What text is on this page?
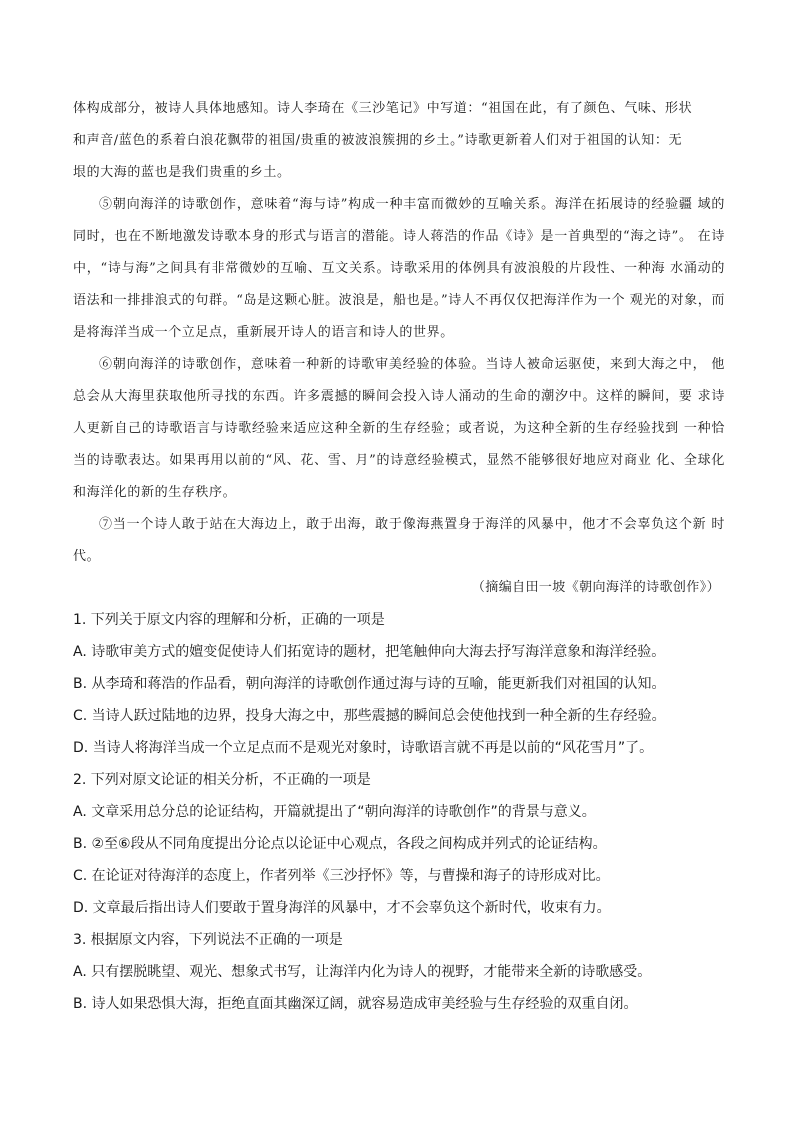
体构成部分，被诗人具体地感知。诗人李琦在《三沙笔记》中写道：“祖国在此，有了颜色、气味、形状
和声音/蓝色的系着白浪花飘带的祖国/贵重的被波浪簇拥的乡土。”诗歌更新着人们对于祖国的认知：无
垠的大海的蓝也是我们贵重的乡土。

⑤朝向海洋的诗歌创作，意味着“海与诗”构成一种丰富而微妙的互喻关系。海洋在拓展诗的经验疆 域的同时，也在不断地激发诗歌本身的形式与语言的潜能。诗人蒋浩的作品《诗》是一首典型的“海之诗”。 在诗中，“诗与海”之间具有非常微妙的互喻、互文关系。诗歌采用的体例具有波浪般的片段性、一种海 水涌动的语法和一排排浪式的句群。“岛是这颗心脏。波浪是，船也是。”诗人不再仅仅把海洋作为一个 观光的对象，而是将海洋当成一个立足点，重新展开诗人的语言和诗人的世界。

⑥朝向海洋的诗歌创作，意味着一种新的诗歌审美经验的体验。当诗人被命运驱使，来到大海之中， 他总会从大海里获取他所寻找的东西。许多震撼的瞬间会投入诗人涌动的生命的潮汐中。这样的瞬间，要 求诗人更新自己的诗歌语言与诗歌经验来适应这种全新的生存经验；或者说，为这种全新的生存经验找到 一种恰当的诗歌表达。如果再用以前的“风、花、雪、月”的诗意经验模式，显然不能够很好地应对商业 化、全球化和海洋化的新的生存秩序。

⑦当一个诗人敢于站在大海边上，敢于出海，敢于像海燕置身于海洋的风暴中，他才不会辜负这个新 时代。

（摘编自田一坡《朝向海洋的诗歌创作》）
1. 下列关于原文内容的理解和分析，正确的一项是
A. 诗歌审美方式的嬗变促使诗人们拓宽诗的题材，把笔触伸向大海去抒写海洋意象和海洋经验。
B. 从李琦和蒋浩的作品看，朝向海洋的诗歌创作通过海与诗的互喻，能更新我们对祖国的认知。
C. 当诗人跃过陆地的边界，投身大海之中，那些震撼的瞬间总会使他找到一种全新的生存经验。
D. 当诗人将海洋当成一个立足点而不是观光对象时，诗歌语言就不再是以前的“风花雪月”了。
2. 下列对原文论证的相关分析，不正确的一项是
A. 文章采用总分总的论证结构，开篇就提出了“朝向海洋的诗歌创作”的背景与意义。
B. ②至⑥段从不同角度提出分论点以论证中心观点，各段之间构成并列式的论证结构。
C. 在论证对待海洋的态度上，作者列举《三沙抒怀》等，与曹操和海子的诗形成对比。
D. 文章最后指出诗人们要敢于置身海洋的风暴中，才不会辜负这个新时代，收束有力。
3. 根据原文内容，下列说法不正确的一项是
A. 只有摆脱眺望、观光、想象式书写，让海洋内化为诗人的视野，才能带来全新的诗歌感受。
B. 诗人如果恐惧大海，拒绝直面其幽深辽阔，就容易造成审美经验与生存经验的双重自闭。
